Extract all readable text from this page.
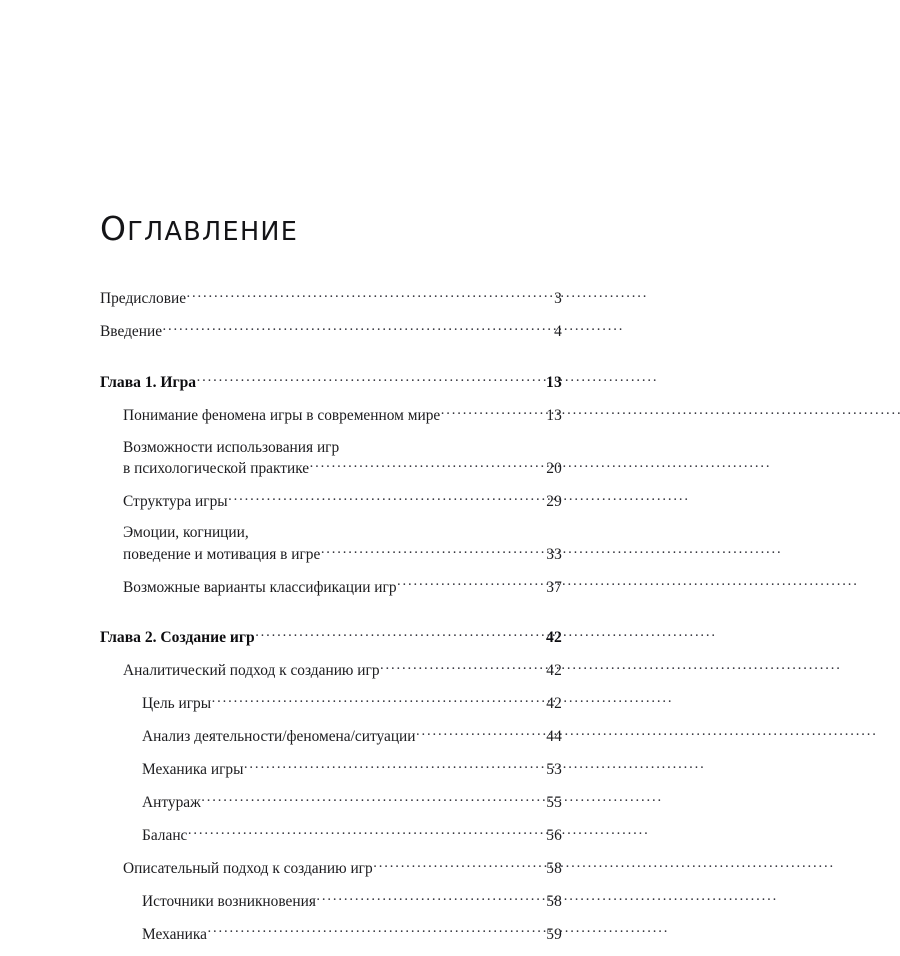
ОГЛАВЛЕНИЕ
Предисловие . . .	3
Введение . . .	4
Глава 1. Игра . . .	13
Понимание феномена игры в современном мире . . .	13
Возможности использования игр
в психологической практике . . .	20
Структура игры . . .	29
Эмоции, когниции,
поведение и мотивация в игре . . .	33
Возможные варианты классификации игр . . .	37
Глава 2. Создание игр . . .	42
Аналитический подход к созданию игр . . .	42
Цель игры . . .	42
Анализ деятельности/феномена/ситуации . . .	44
Механика игры . . .	53
Антураж . . .	55
Баланс . . .	56
Описательный подход к созданию игр . . .	58
Источники возникновения . . .	58
Механика . . .	59
